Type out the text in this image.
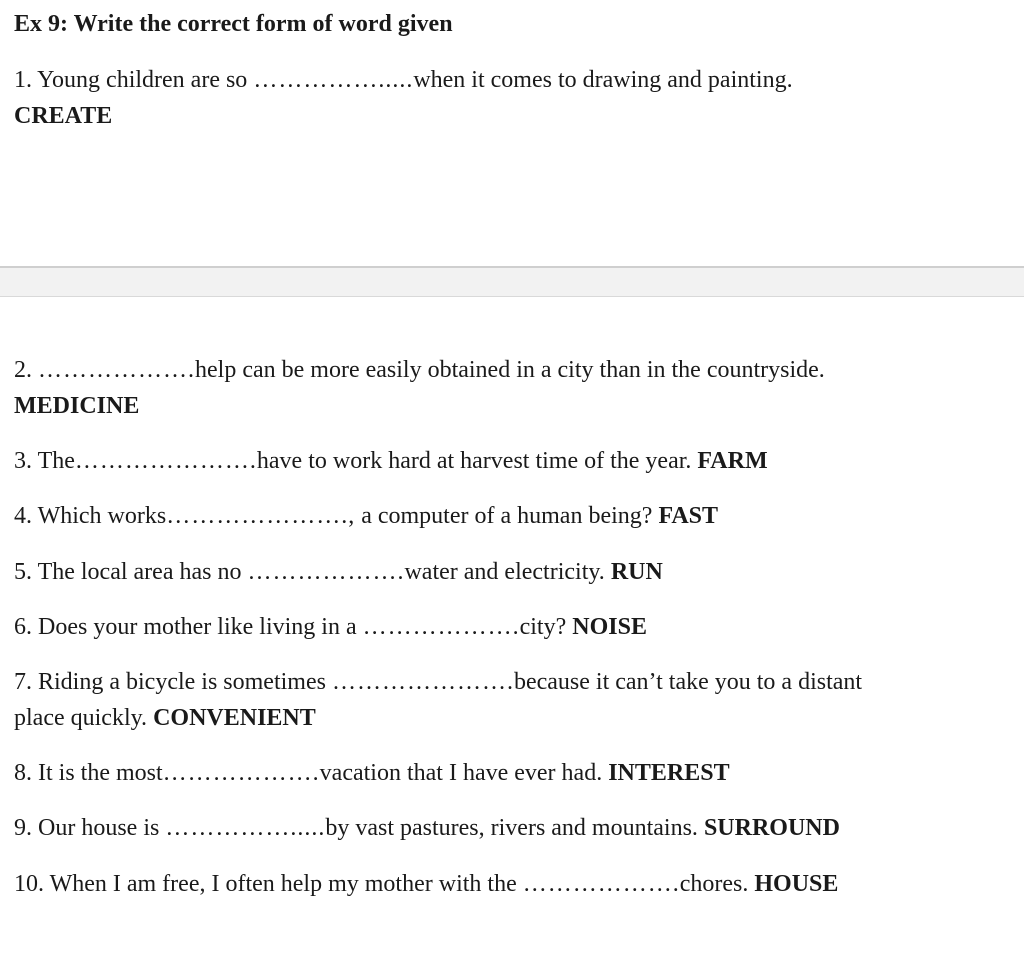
Ex 9: Write the correct form of word given
1. Young children are so …………….....when it comes to drawing and painting.
CREATE
2. ……………….help can be more easily obtained in a city than in the countryside.
MEDICINE
3. The………………….have to work hard at harvest time of the year. FARM
4. Which works…………………., a computer of a human being? FAST
5. The local area has no ……………….water and electricity. RUN
6. Does your mother like living in a ……………….city? NOISE
7. Riding a bicycle is sometimes ………………….because it can’t take you to a distant
place quickly. CONVENIENT
8. It is the most……………….vacation that I have ever had. INTEREST
9. Our house is …………….....by vast pastures, rivers and mountains. SURROUND
10. When I am free, I often help my mother with the ……………….chores. HOUSE
